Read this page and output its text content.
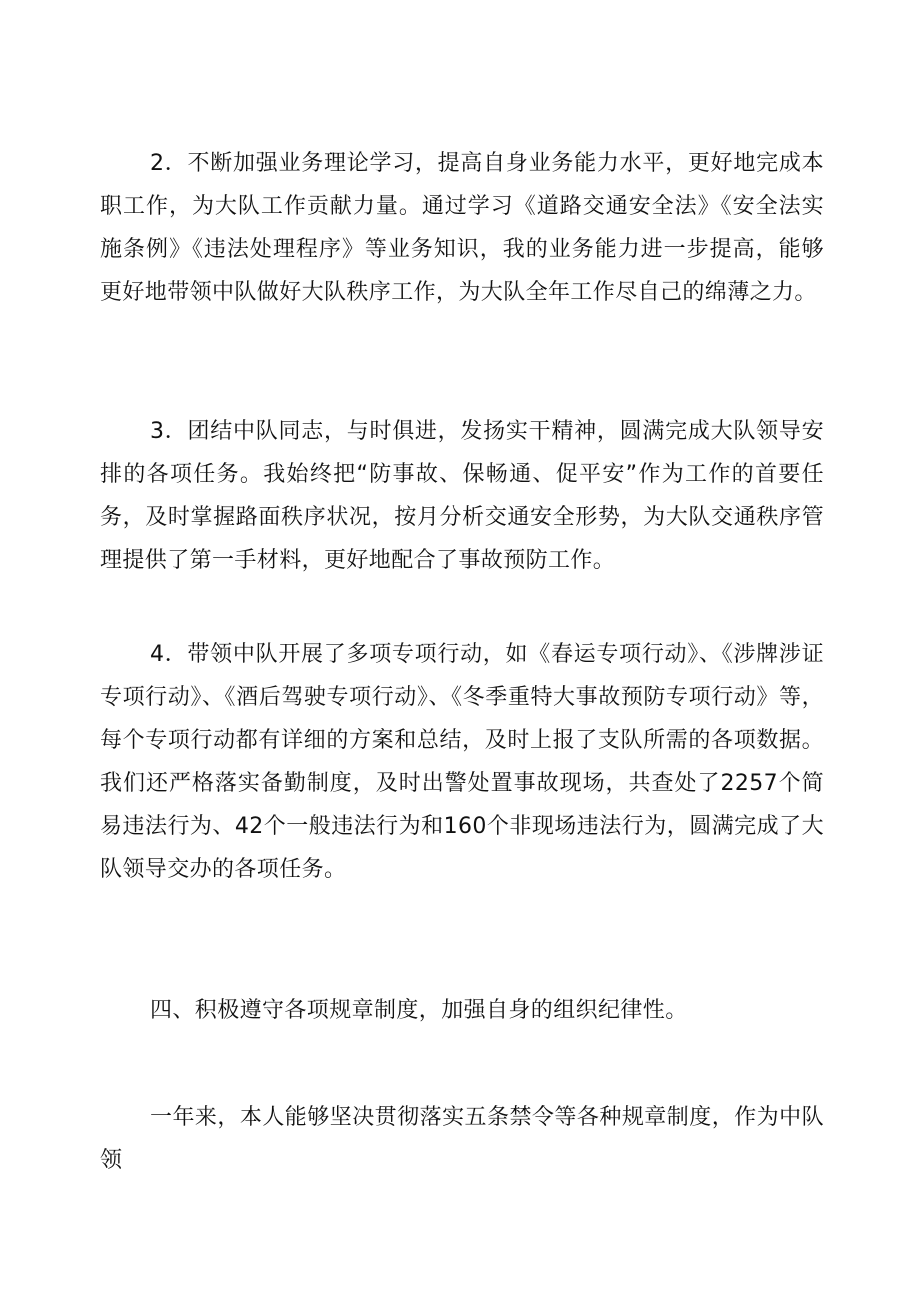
2．不断加强业务理论学习，提高自身业务能力水平，更好地完成本职工作，为大队工作贡献力量。通过学习《道路交通安全法》《安全法实施条例》《违法处理程序》等业务知识，我的业务能力进一步提高，能够更好地带领中队做好大队秩序工作，为大队全年工作尽自己的绵薄之力。

3．团结中队同志，与时俱进，发扬实干精神，圆满完成大队领导安排的各项任务。我始终把“防事故、保畅通、促平安”作为工作的首要任务，及时掌握路面秩序状况，按月分析交通安全形势，为大队交通秩序管理提供了第一手材料，更好地配合了事故预防工作。

4．带领中队开展了多项专项行动，如《春运专项行动》、《涉牌涉证专项行动》、《酒后驾驶专项行动》、《冬季重特大事故预防专项行动》等，每个专项行动都有详细的方案和总结，及时上报了支队所需的各项数据。我们还严格落实备勤制度，及时出警处置事故现场，共查处了2257个简易违法行为、42个一般违法行为和160个非现场违法行为，圆满完成了大队领导交办的各项任务。

四、积极遵守各项规章制度，加强自身的组织纪律性。

一年来，本人能够坚决贯彻落实五条禁令等各种规章制度，作为中队领
